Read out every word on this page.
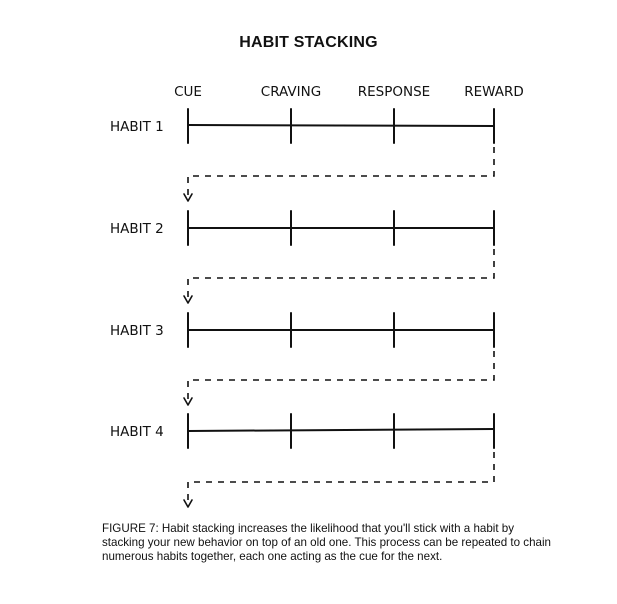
HABIT STACKING
CUE	CRAVING	RESPONSE	REWARD
HABIT 1
HABIT 2
HABIT 3
HABIT 4
FIGURE 7: Habit stacking increases the likelihood that you'll stick with a habit by stacking your new behavior on top of an old one. This process can be repeated to chain numerous habits together, each one acting as the cue for the next.
